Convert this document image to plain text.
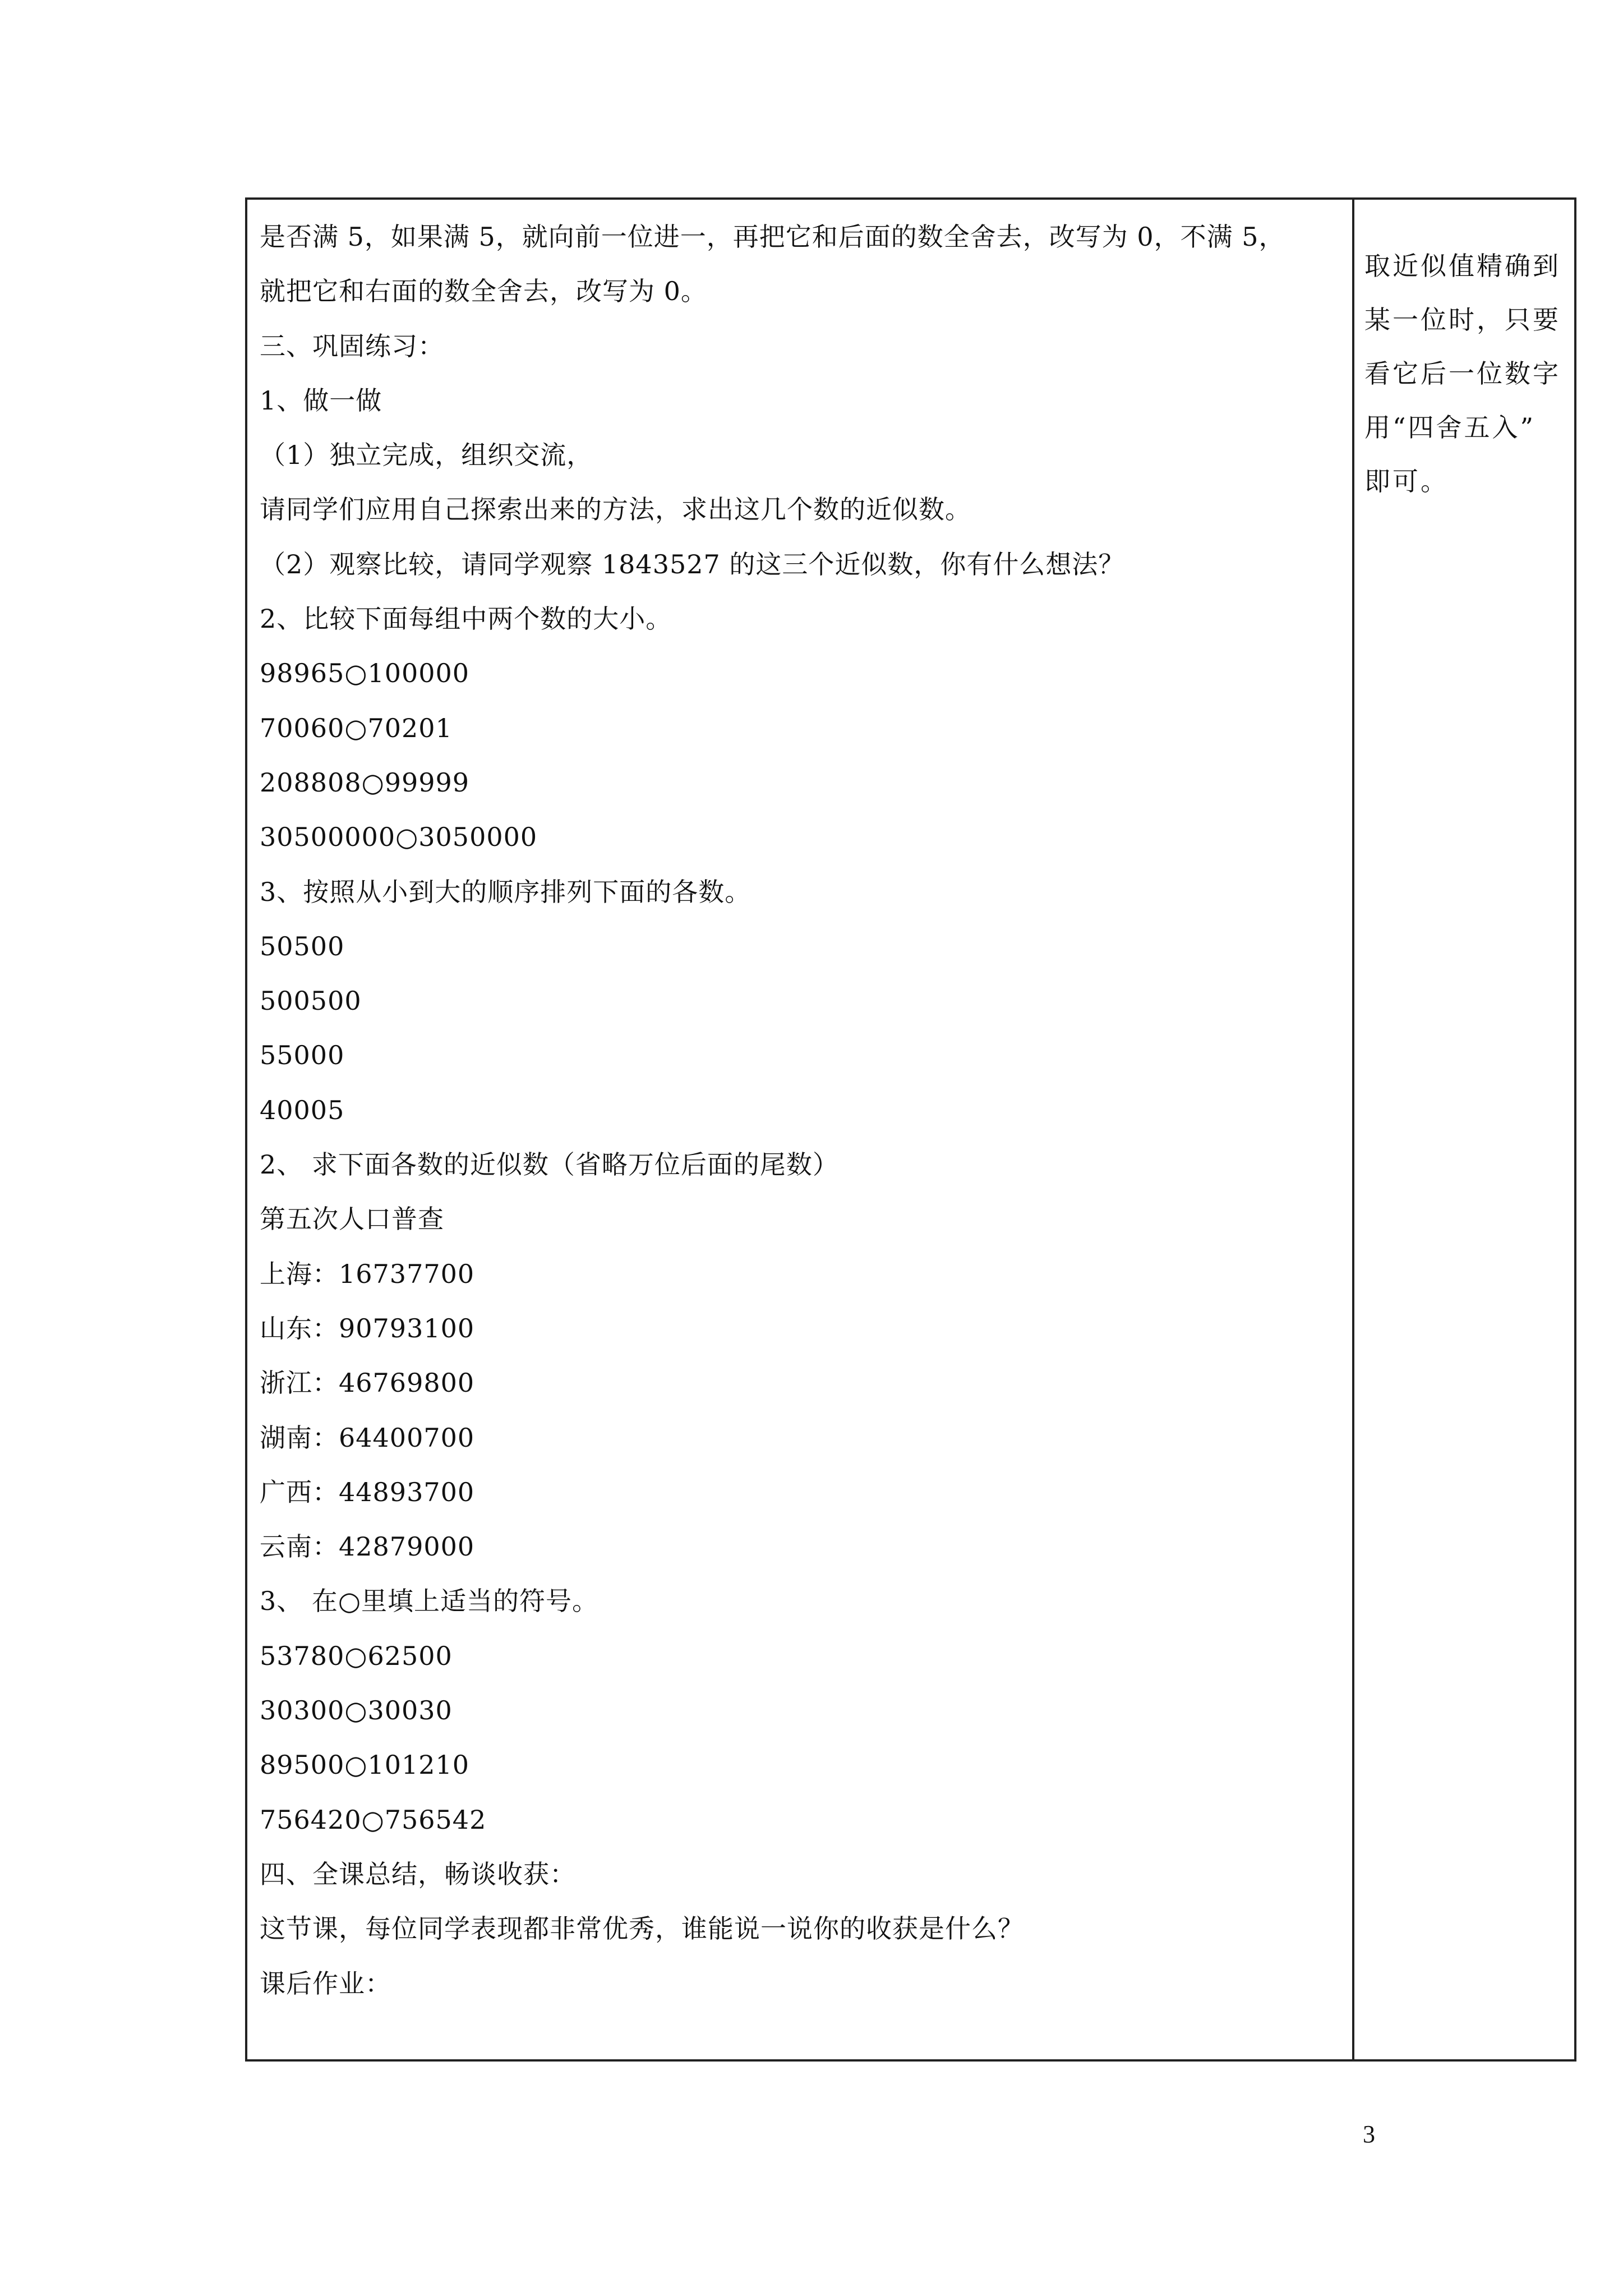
是否满 5，如果满 5，就向前一位进一，再把它和后面的数全舍去，改写为 0，不满 5，
就把它和右面的数全舍去，改写为 0。
三、巩固练习：
1、做一做
（1）独立完成，组织交流，
请同学们应用自己探索出来的方法，求出这几个数的近似数。
（2）观察比较，请同学观察 1843527 的这三个近似数，你有什么想法？
2、比较下面每组中两个数的大小。
98965○100000
70060○70201
208808○99999
30500000○3050000
3、按照从小到大的顺序排列下面的各数。
50500
500500
55000
40005
2、 求下面各数的近似数（省略万位后面的尾数）
第五次人口普查
上海：16737700
山东：90793100
浙江：46769800
湖南：64400700
广西：44893700
云南：42879000
3、 在○里填上适当的符号。
53780○62500
30300○30030
89500○101210
756420○756542
四、全课总结，畅谈收获：
这节课，每位同学表现都非常优秀，谁能说一说你的收获是什么？
课后作业：
取近似值精确到
某一位时，只要
看它后一位数字
用“四舍五入”
即可。
3
